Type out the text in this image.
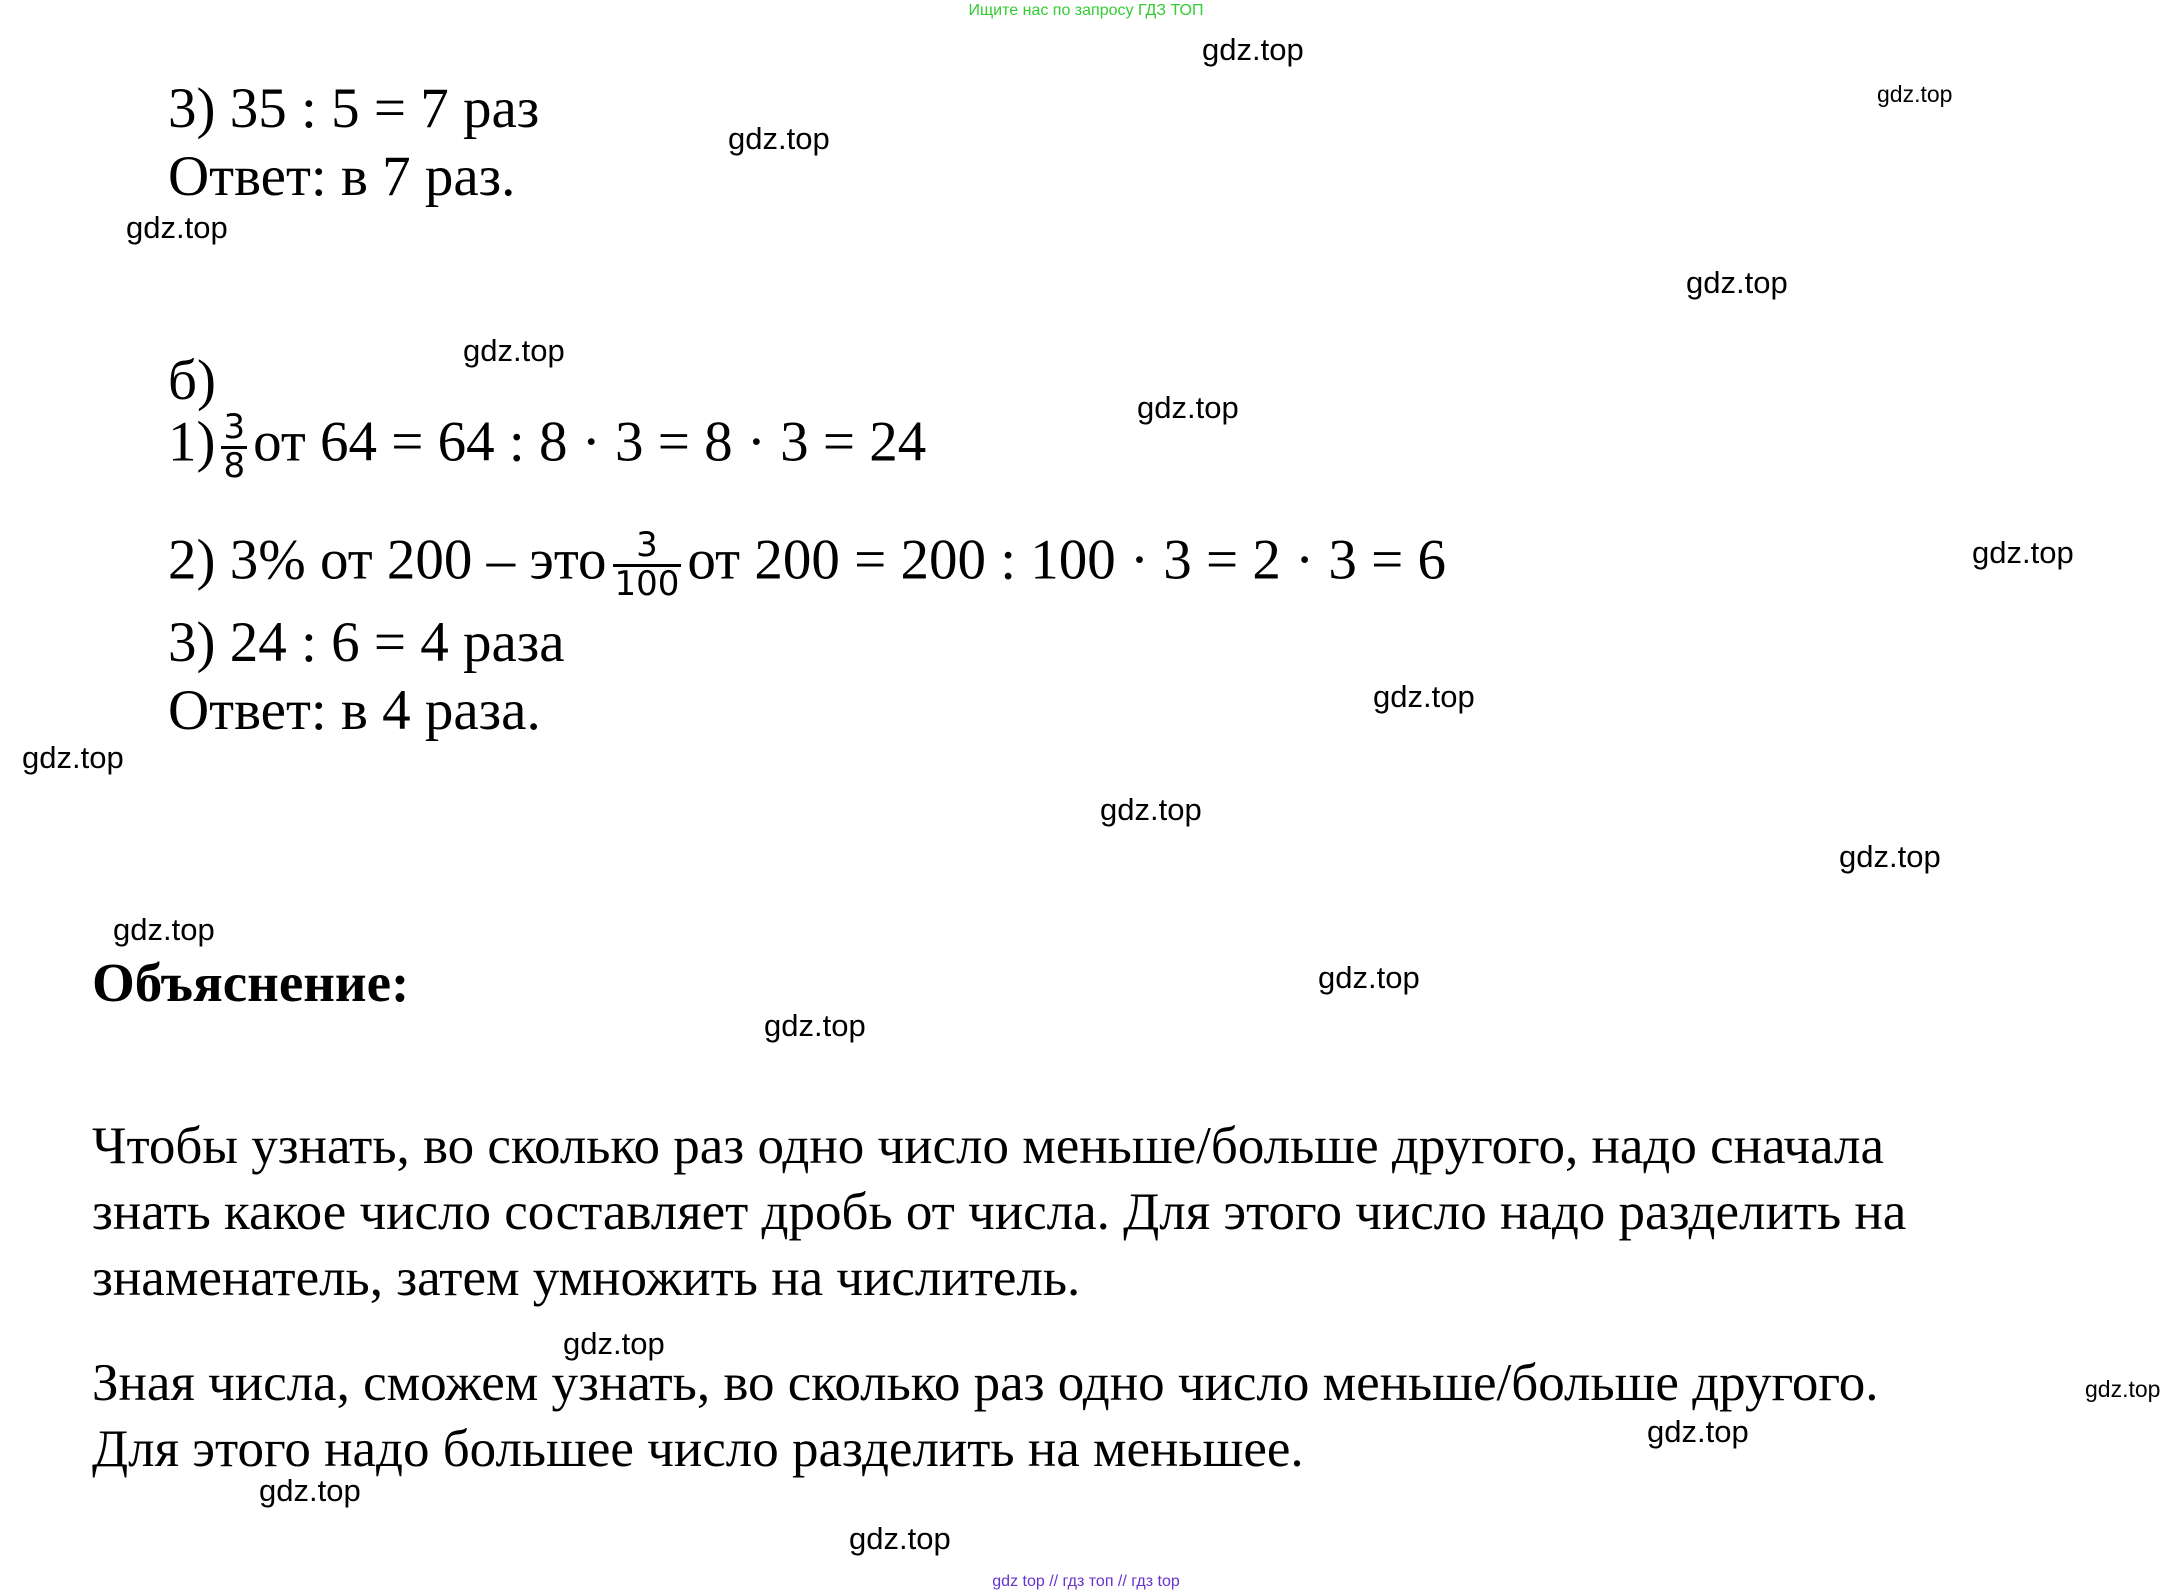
Ищите нас по запросу ГДЗ ТОП
3) 35 : 5 = 7 раз
Ответ: в 7 раз.
б)
$1) \frac{3}{8}$ от 64 = 64 : 8 · 3 = 8 · 3 = 24
2) 3% от 200 – это $\frac{3}{100}$ от 200 = 200 : 100 · 3 = 2 · 3 = 6
3) 24 : 6 = 4 раза
Ответ: в 4 раза.
Объяснение:
Чтобы узнать, во сколько раз одно число меньше/больше другого, надо сначала
знать какое число составляет дробь от числа. Для этого число надо разделить на
знаменатель, затем умножить на числитель.
Зная числа, сможем узнать, во сколько раз одно число меньше/больше другого.
Для этого надо большее число разделить на меньшее.
gdz.top
gdz.top
gdz.top
gdz.top
gdz.top
gdz.top
gdz.top
gdz.top
gdz.top
gdz.top
gdz.top
gdz.top
gdz.top
gdz.top
gdz.top
gdz.top
gdz.top
gdz.top
gdz.top
gdz.top
gdz top // гдз топ // гдз top
